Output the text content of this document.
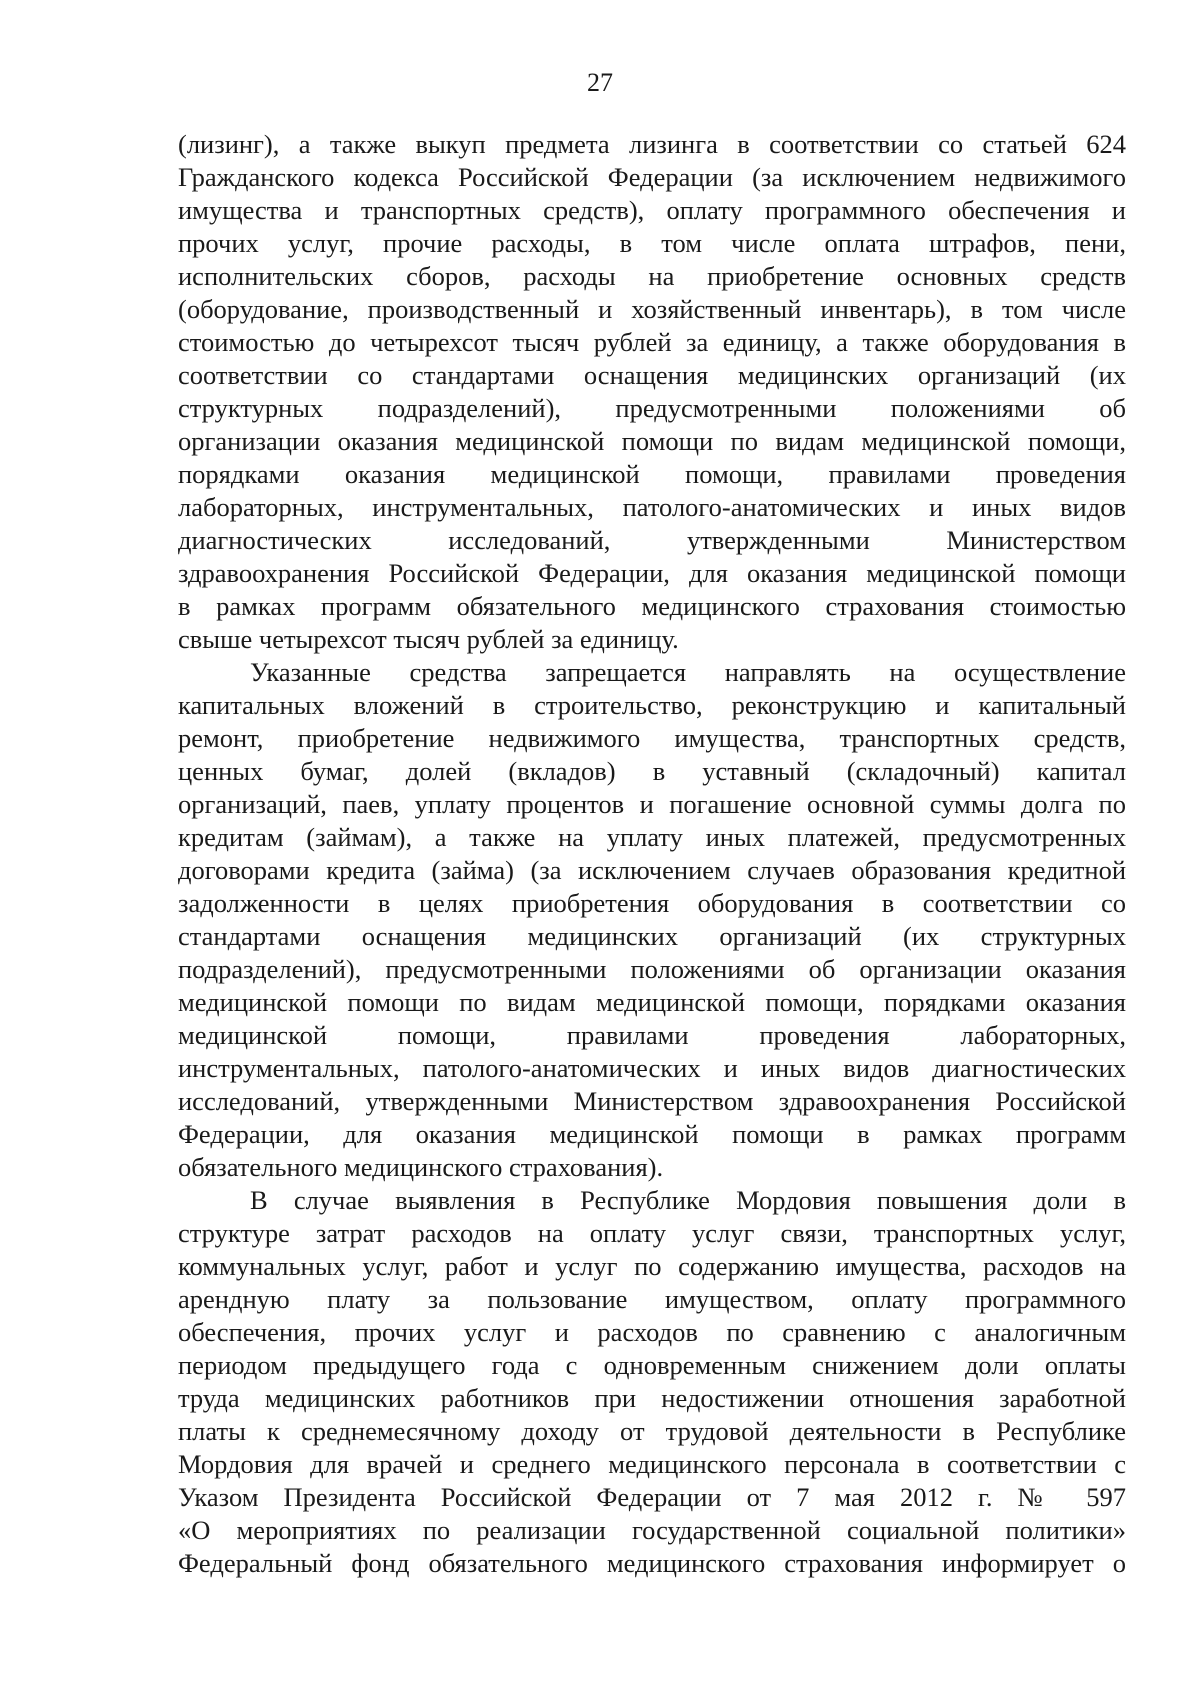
27
(лизинг), а также выкуп предмета лизинга в соответствии со статьей 624
Гражданского кодекса Российской Федерации (за исключением недвижимого
имущества и транспортных средств), оплату программного обеспечения и
прочих услуг, прочие расходы, в том числе оплата штрафов, пени,
исполнительских сборов, расходы на приобретение основных средств
(оборудование, производственный и хозяйственный инвентарь), в том числе
стоимостью до четырехсот тысяч рублей за единицу, а также оборудования в
соответствии со стандартами оснащения медицинских организаций (их
структурных подразделений), предусмотренными положениями об
организации оказания медицинской помощи по видам медицинской помощи,
порядками оказания медицинской помощи, правилами проведения
лабораторных, инструментальных, патолого-анатомических и иных видов
диагностических исследований, утвержденными Министерством
здравоохранения Российской Федерации, для оказания медицинской помощи
в рамках программ обязательного медицинского страхования стоимостью
свыше четырехсот тысяч рублей за единицу.
Указанные средства запрещается направлять на осуществление
капитальных вложений в строительство, реконструкцию и капитальный
ремонт, приобретение недвижимого имущества, транспортных средств,
ценных бумаг, долей (вкладов) в уставный (складочный) капитал
организаций, паев, уплату процентов и погашение основной суммы долга по
кредитам (займам), а также на уплату иных платежей, предусмотренных
договорами кредита (займа) (за исключением случаев образования кредитной
задолженности в целях приобретения оборудования в соответствии со
стандартами оснащения медицинских организаций (их структурных
подразделений), предусмотренными положениями об организации оказания
медицинской помощи по видам медицинской помощи, порядками оказания
медицинской помощи, правилами проведения лабораторных,
инструментальных, патолого-анатомических и иных видов диагностических
исследований, утвержденными Министерством здравоохранения Российской
Федерации, для оказания медицинской помощи в рамках программ
обязательного медицинского страхования).
В случае выявления в Республике Мордовия повышения доли в
структуре затрат расходов на оплату услуг связи, транспортных услуг,
коммунальных услуг, работ и услуг по содержанию имущества, расходов на
арендную плату за пользование имуществом, оплату программного
обеспечения, прочих услуг и расходов по сравнению с аналогичным
периодом предыдущего года с одновременным снижением доли оплаты
труда медицинских работников при недостижении отношения заработной
платы к среднемесячному доходу от трудовой деятельности в Республике
Мордовия для врачей и среднего медицинского персонала в соответствии с
Указом Президента Российской Федерации от 7 мая 2012 г. № 597
«О мероприятиях по реализации государственной социальной политики»
Федеральный фонд обязательного медицинского страхования информирует о
